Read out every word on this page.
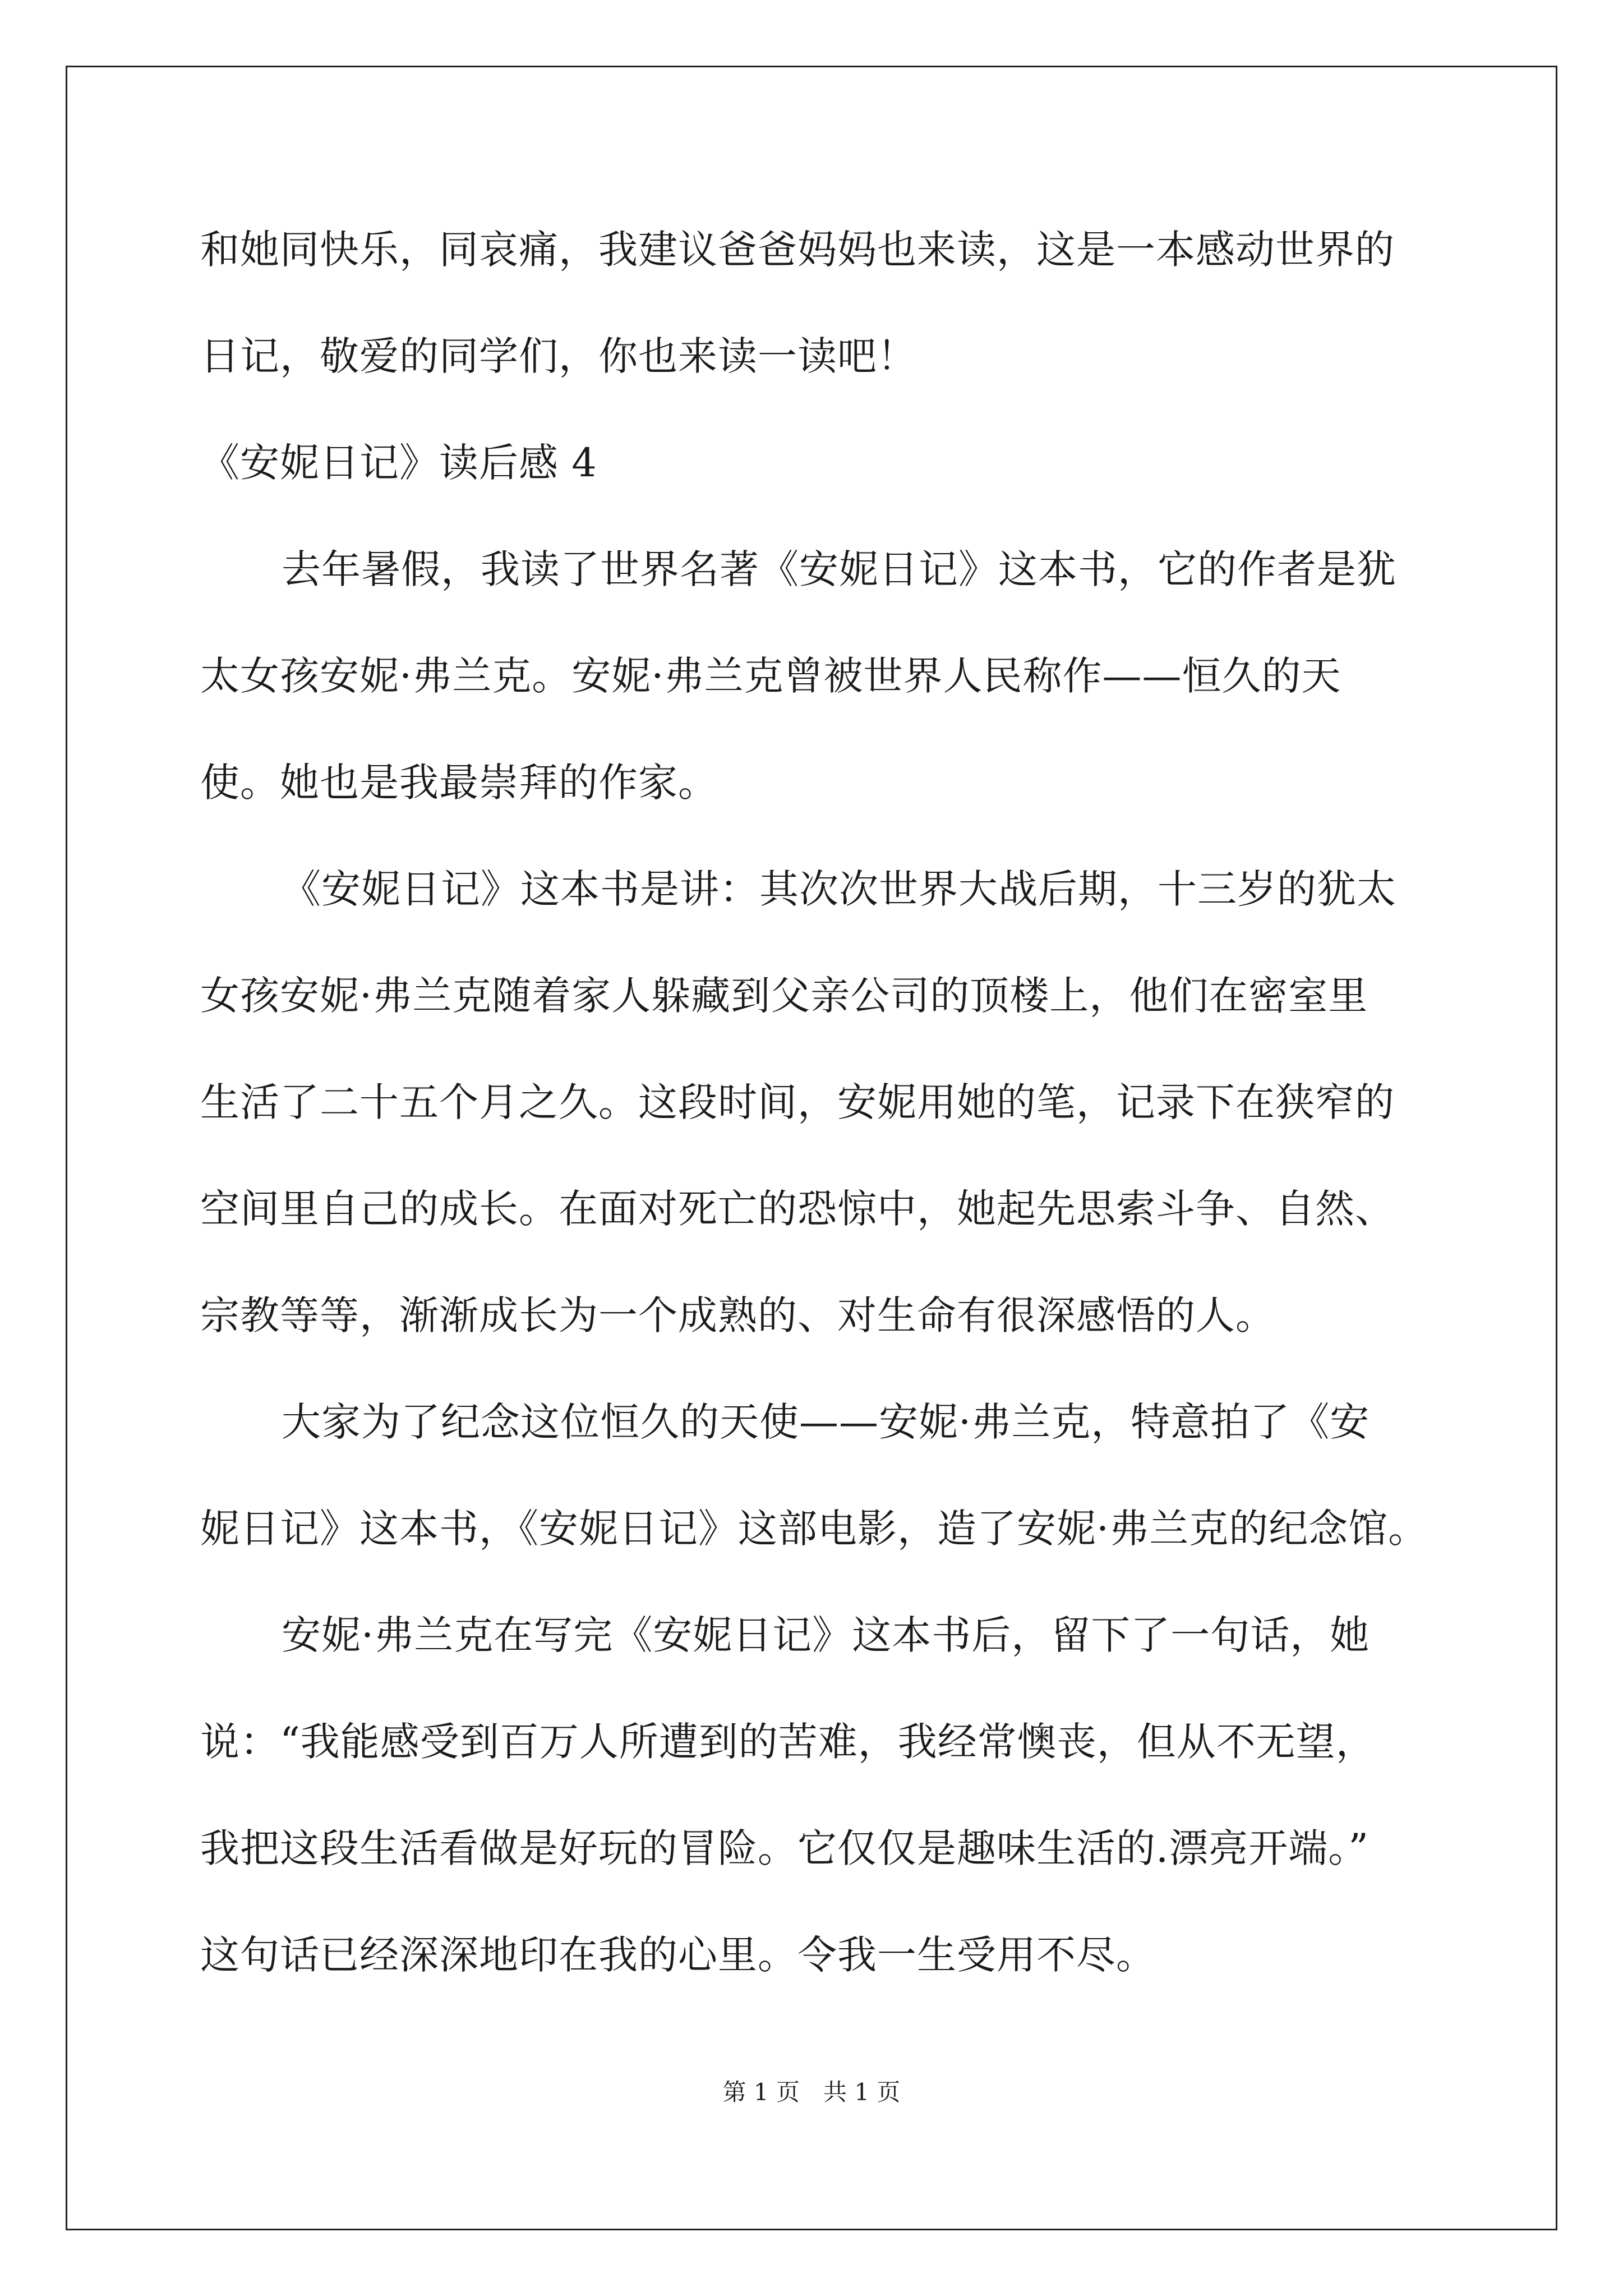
和她同快乐，同哀痛，我建议爸爸妈妈也来读，这是一本感动世界的
日记，敬爱的同学们，你也来读一读吧！
《安妮日记》读后感 4
去年暑假，我读了世界名著《安妮日记》这本书，它的作者是犹
太女孩安妮·弗兰克。安妮·弗兰克曾被世界人民称作——恒久的天
使。她也是我最崇拜的作家。
《安妮日记》这本书是讲：其次次世界大战后期，十三岁的犹太
女孩安妮·弗兰克随着家人躲藏到父亲公司的顶楼上，他们在密室里
生活了二十五个月之久。这段时间，安妮用她的笔，记录下在狭窄的
空间里自己的成长。在面对死亡的恐惊中，她起先思索斗争、自然、
宗教等等，渐渐成长为一个成熟的、对生命有很深感悟的人。
大家为了纪念这位恒久的天使——安妮·弗兰克，特意拍了《安
妮日记》这本书，《安妮日记》这部电影，造了安妮·弗兰克的纪念馆。
安妮·弗兰克在写完《安妮日记》这本书后，留下了一句话，她
说：“我能感受到百万人所遭到的苦难，我经常懊丧，但从不无望，
我把这段生活看做是好玩的冒险。它仅仅是趣味生活的.漂亮开端。”
这句话已经深深地印在我的心里。令我一生受用不尽。
第 1 页　共 1 页
